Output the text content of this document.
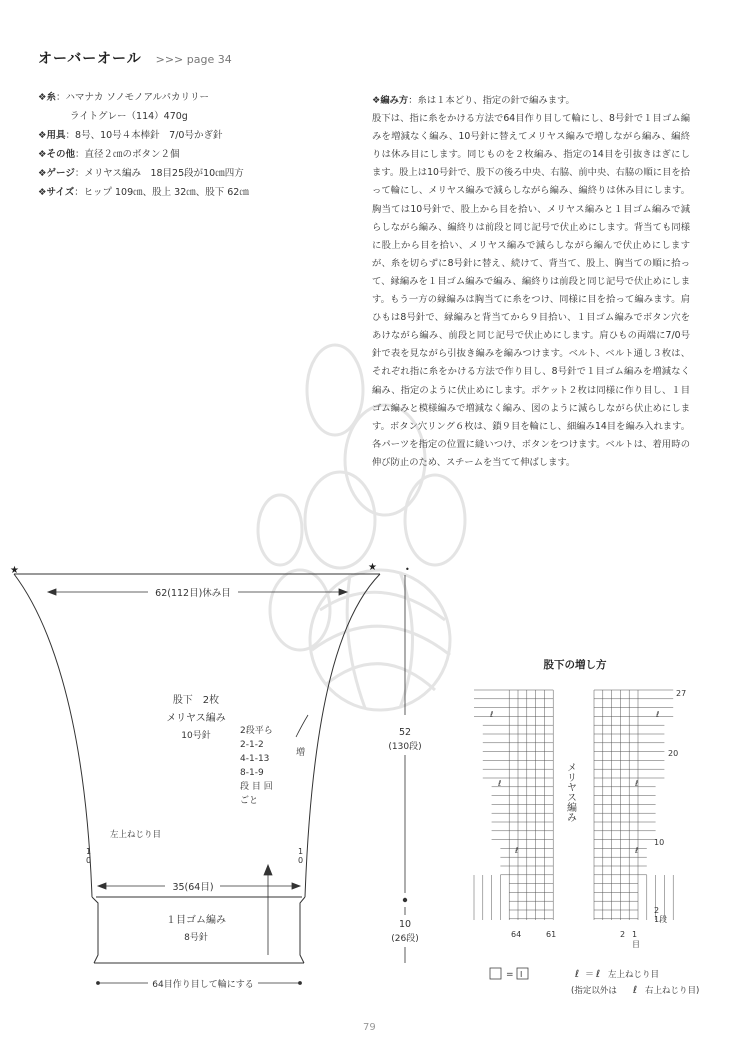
オーバーオール >>> page 34
❖糸：ハマナカ ソノモノアルパカリリー
ライトグレー（114）470g
❖用具：8号、10号４本棒針　7/0号かぎ針
❖その他：直径２㎝のボタン２個
❖ゲージ：メリヤス編み　18目25段が10㎝四方
❖サイズ：ヒップ 109㎝、股上 32㎝、股下 62㎝
❖編み方：糸は１本どり、指定の針で編みます。
股下は、指に糸をかける方法で64目作り目して輪にし、8号針で１目ゴム編みを増減なく編み、10号針に替えてメリヤス編みで増しながら編み、編終りは休み目にします。同じものを２枚編み、指定の14目を引抜きはぎにします。股上は10号針で、股下の後ろ中央、右脇、前中央、右脇の順に目を拾って輪にし、メリヤス編みで減らしながら編み、編終りは休み目にします。胸当ては10号針で、股上から目を拾い、メリヤス編みと１目ゴム編みで減らしながら編み、編終りは前段と同じ記号で伏止めにします。背当ても同様に股上から目を拾い、メリヤス編みで減らしながら編んで伏止めにしますが、糸を切らずに8号針に替え、続けて、背当て、股上、胸当ての順に拾って、縁編みを１目ゴム編みで編み、編終りは前段と同じ記号で伏止めにします。もう一方の縁編みは胸当てに糸をつけ、同様に目を拾って編みます。肩ひもは8号針で、縁編みと背当てから９目拾い、１目ゴム編みでボタン穴をあけながら編み、前段と同じ記号で伏止めにします。肩ひもの両端に7/0号針で表を見ながら引抜き編みを編みつけます。ベルト、ベルト通し３枚は、それぞれ指に糸をかける方法で作り目し、8号針で１目ゴム編みを増減なく編み、指定のように伏止めにします。ポケット２枚は同様に作り目し、１目ゴム編みと模様編みで増減なく編み、図のように減らしながら伏止めにします。ボタン穴リング６枚は、鎖９目を輪にし、細編み14目を編み入れます。各パーツを指定の位置に縫いつけ、ボタンをつけます。ベルトは、着用時の伸び防止のため、スチームを当てて伸ばします。
★	★	•
62(112目)休み目
股下　2枚
メリヤス編み
10号針	2段平ら
2-1-2
4-1-13
8-1-9
段 目 回
ごと
増
左上ねじり目
1
0
1
0
35(64目)
１目ゴム編み
8号針
64目作り目して輪にする
52
(130段)
10
(26段)
股下の増し方
ℓ
ℓ
ℓ
ℓ
ℓ
ℓ
メリヤス編み
27
20
10
2
1段
64	61	2 1
目
= Ⅰ	ℓ ＝ ℓ 左上ねじり目
(指定以外は ℓ 右上ねじり目)
79
